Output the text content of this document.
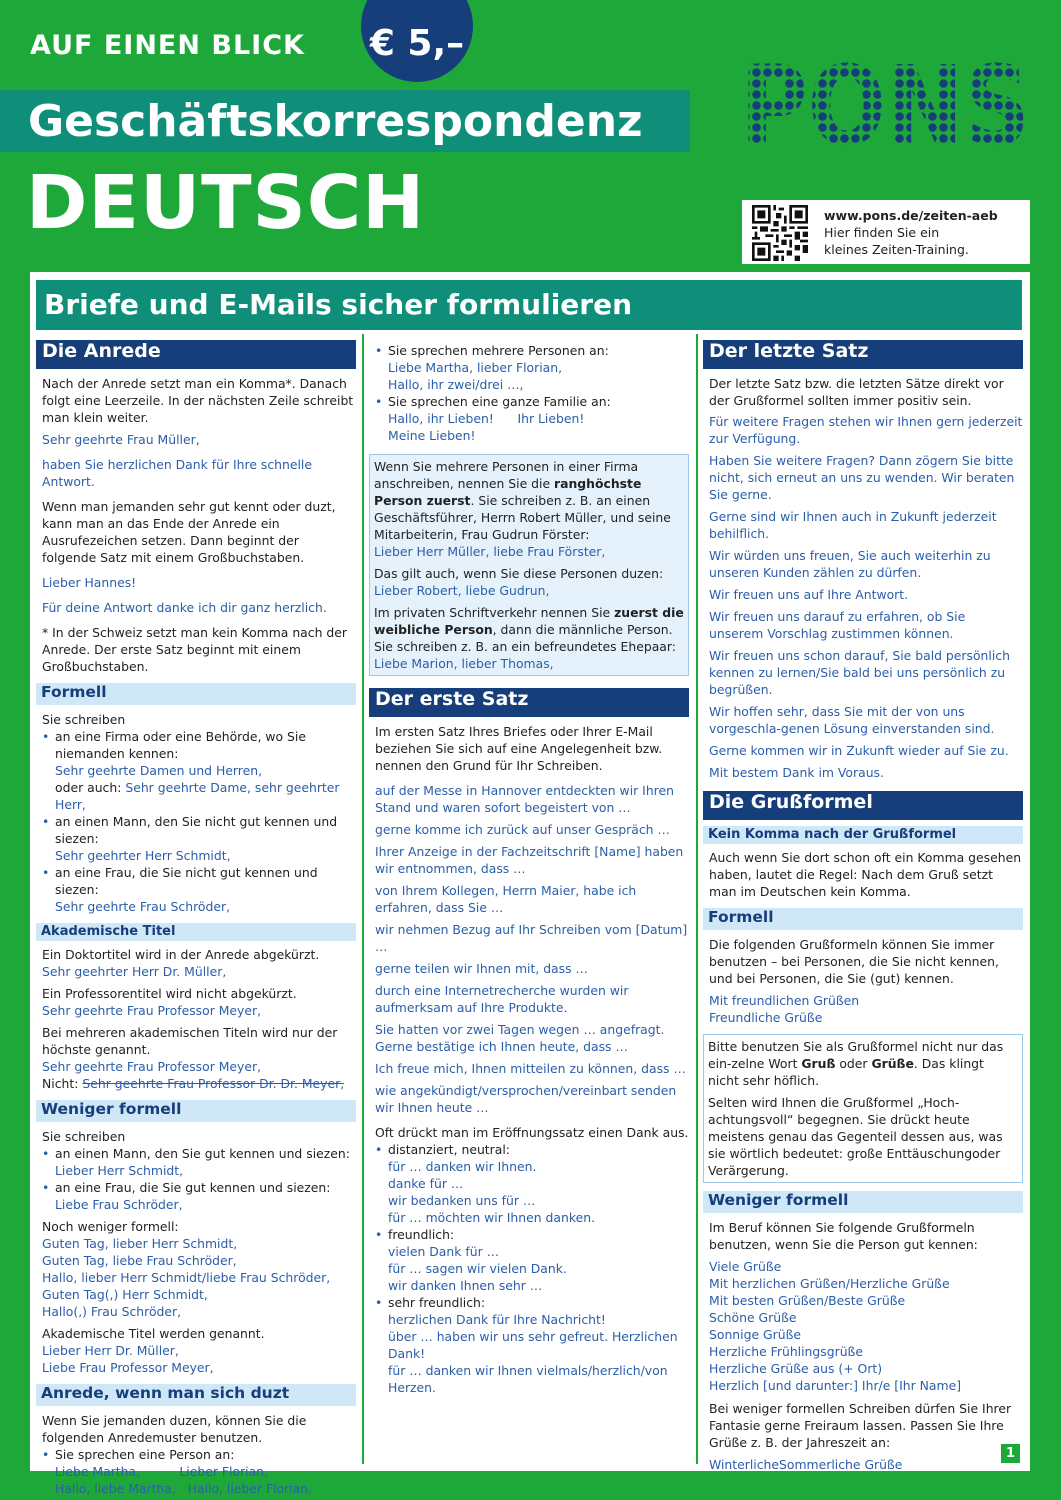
AUF EINEN BLICK € 5,–
Geschäftskorrespondenz
DEUTSCH
PONS
www.pons.de/zeiten-aeb
Hier finden Sie ein
kleines Zeiten-Training.
Briefe und E-Mails sicher formulieren
Die Anrede

Nach der Anrede setzt man ein Komma*. Danach folgt eine Leerzeile. In der nächsten Zeile schreibt man klein weiter.

Sehr geehrte Frau Müller,

haben Sie herzlichen Dank für Ihre schnelle Antwort.

Wenn man jemanden sehr gut kennt oder duzt, kann man an das Ende der Anrede ein Ausrufezeichen setzen. Dann beginnt der folgende Satz mit einem Großbuchstaben.

Lieber Hannes!

Für deine Antwort danke ich dir ganz herzlich.

* In der Schweiz setzt man kein Komma nach der Anrede. Der erste Satz beginnt mit einem Großbuchstaben.

Formell

Sie schreiben

• an eine Firma oder eine Behörde, wo Sie niemanden kennen:
Sehr geehrte Damen und Herren,
oder auch: Sehr geehrte Dame, sehr geehrter Herr,
• an einen Mann, den Sie nicht gut kennen und siezen:
Sehr geehrter Herr Schmidt,
• an eine Frau, die Sie nicht gut kennen und siezen:
Sehr geehrte Frau Schröder,
Akademische Titel

Ein Doktortitel wird in der Anrede abgekürzt.

Sehr geehrter Herr Dr. Müller,

Ein Professorentitel wird nicht abgekürzt.

Sehr geehrte Frau Professor Meyer,

Bei mehreren akademischen Titeln wird nur der höchste genannt.

Sehr geehrte Frau Professor Meyer,

Nicht: Sehr geehrte Frau Professor Dr. Dr. Meyer,

Weniger formell

Sie schreiben

• an einen Mann, den Sie gut kennen und siezen:
Lieber Herr Schmidt,
• an eine Frau, die Sie gut kennen und siezen:
Liebe Frau Schröder,

Noch weniger formell:

Guten Tag, lieber Herr Schmidt,

Guten Tag, liebe Frau Schröder,

Hallo, lieber Herr Schmidt/liebe Frau Schröder,

Guten Tag(,) Herr Schmidt,

Hallo(,) Frau Schröder,

Akademische Titel werden genannt.

Lieber Herr Dr. Müller,

Liebe Frau Professor Meyer,

Anrede, wenn man sich duzt

Wenn Sie jemanden duzen, können Sie die folgenden Anredemuster benutzen.

• Sie sprechen eine Person an:
Liebe Martha,          Lieber Florian,
Hallo, liebe Martha,   Hallo, lieber Florian,
• Sie sprechen mehrere Personen an:
Liebe Martha, lieber Florian,
Hallo, ihr zwei/drei …,
• Sie sprechen eine ganze Familie an:
Hallo, ihr Lieben!      Ihr Lieben!
Meine Lieben!

Wenn Sie mehrere Personen in einer Firma anschreiben, nennen Sie die ranghöchste Person zuerst. Sie schreiben z. B. an einen Geschäftsführer, Herrn Robert Müller, und seine Mitarbeiterin, Frau Gudrun Förster:

Lieber Herr Müller, liebe Frau Förster,

Das gilt auch, wenn Sie diese Personen duzen:

Lieber Robert, liebe Gudrun,

Im privaten Schriftverkehr nennen Sie zuerst die weibliche Person, dann die männliche Person. Sie schreiben z. B. an ein befreundetes Ehepaar:

Liebe Marion, lieber Thomas,

Der erste Satz

Im ersten Satz Ihres Briefes oder Ihrer E-Mail beziehen Sie sich auf eine Angelegenheit bzw. nennen den Grund für Ihr Schreiben.

auf der Messe in Hannover entdeckten wir Ihren Stand und waren sofort begeistert von …

gerne komme ich zurück auf unser Gespräch …

Ihrer Anzeige in der Fachzeitschrift [Name] haben wir entnommen, dass …

von Ihrem Kollegen, Herrn Maier, habe ich erfahren, dass Sie …

wir nehmen Bezug auf Ihr Schreiben vom [Datum] …

gerne teilen wir Ihnen mit, dass …

durch eine Internetrecherche wurden wir aufmerksam auf Ihre Produkte.

Sie hatten vor zwei Tagen wegen … angefragt. Gerne bestätige ich Ihnen heute, dass …

Ich freue mich, Ihnen mitteilen zu können, dass …

wie angekündigt/versprochen/vereinbart senden wir Ihnen heute …

Oft drückt man im Eröffnungssatz einen Dank aus.

• distanziert, neutral:
für … danken wir Ihnen.
danke für …
wir bedanken uns für …
für … möchten wir Ihnen danken.
• freundlich:
vielen Dank für …
für … sagen wir vielen Dank.
wir danken Ihnen sehr …
• sehr freundlich:
herzlichen Dank für Ihre Nachricht!
über … haben wir uns sehr gefreut. Herzlichen Dank!
für … danken wir Ihnen vielmals/herzlich/von Herzen.
Der letzte Satz

Der letzte Satz bzw. die letzten Sätze direkt vor der Grußformel sollten immer positiv sein.

Für weitere Fragen stehen wir Ihnen gern jederzeit zur Verfügung.

Haben Sie weitere Fragen? Dann zögern Sie bitte nicht, sich erneut an uns zu wenden. Wir beraten Sie gerne.

Gerne sind wir Ihnen auch in Zukunft jederzeit behilflich.

Wir würden uns freuen, Sie auch weiterhin zu unseren Kunden zählen zu dürfen.

Wir freuen uns auf Ihre Antwort.

Wir freuen uns darauf zu erfahren, ob Sie unserem Vorschlag zustimmen können.

Wir freuen uns schon darauf, Sie bald persönlich kennen zu lernen/Sie bald bei uns persönlich zu begrüßen.

Wir hoffen sehr, dass Sie mit der von uns vorgeschla-genen Lösung einverstanden sind.

Gerne kommen wir in Zukunft wieder auf Sie zu.

Mit bestem Dank im Voraus.

Die Grußformel
Kein Komma nach der Grußformel

Auch wenn Sie dort schon oft ein Komma gesehen haben, lautet die Regel: Nach dem Gruß setzt man im Deutschen kein Komma.

Formell

Die folgenden Grußformeln können Sie immer benutzen – bei Personen, die Sie nicht kennen, und bei Personen, die Sie (gut) kennen.

Mit freundlichen Grüßen

Freundliche Grüße

Bitte benutzen Sie als Grußformel nicht nur das ein-zelne Wort Gruß oder Grüße. Das klingt nicht sehr höflich.

Selten wird Ihnen die Grußformel „Hoch-achtungsvoll“ begegnen. Sie drückt heute meistens genau das Gegenteil dessen aus, was sie wörtlich bedeutet: große Enttäuschungoder Verärgerung.

Weniger formell

Im Beruf können Sie folgende Grußformeln benutzen, wenn Sie die Person gut kennen:

Viele Grüße

Mit herzlichen Grüßen/Herzliche Grüße

Mit besten Grüßen/Beste Grüße

Schöne Grüße

Sonnige Grüße

Herzliche Frühlingsgrüße

Herzliche Grüße aus (+ Ort)

Herzlich [und darunter:] Ihr/e [Ihr Name]

Bei weniger formellen Schreiben dürfen Sie Ihrer Fantasie gerne Freiraum lassen. Passen Sie Ihre Grüße z. B. der Jahreszeit an:

WinterlicheSommerliche Grüße

1
